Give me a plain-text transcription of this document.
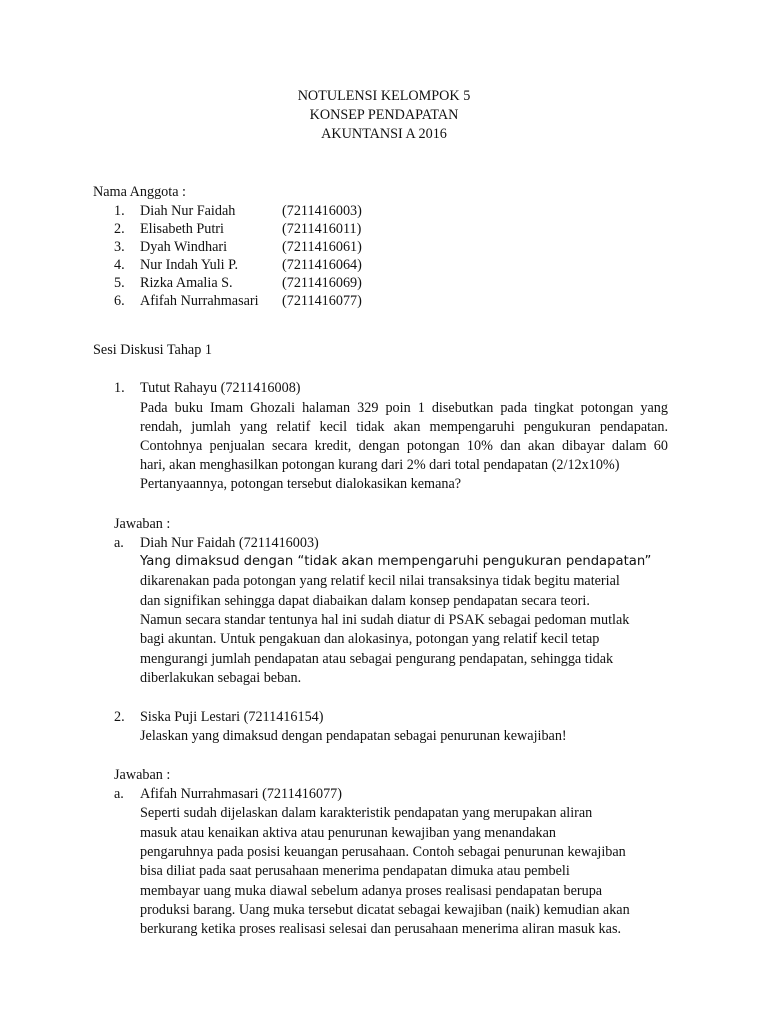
NOTULENSI KELOMPOK 5
KONSEP PENDAPATAN
AKUNTANSI A 2016
Nama Anggota :
1. Diah Nur Faidah	(7211416003)
2. Elisabeth Putri	(7211416011)
3. Dyah Windhari	(7211416061)
4. Nur Indah Yuli P.	(7211416064)
5. Rizka Amalia S.	(7211416069)
6. Afifah Nurrahmasari (7211416077)
Sesi Diskusi Tahap 1
1. Tutut Rahayu (7211416008)
Pada buku Imam Ghozali halaman 329 poin 1 disebutkan pada tingkat potongan yang
rendah, jumlah yang relatif kecil tidak akan mempengaruhi pengukuran pendapatan.
Contohnya penjualan secara kredit, dengan potongan 10% dan akan dibayar dalam 60
hari, akan menghasilkan potongan kurang dari 2% dari total pendapatan (2/12x10%)
Pertanyaannya, potongan tersebut dialokasikan kemana?
Jawaban :
a. Diah Nur Faidah (7211416003)
Yang dimaksud dengan “tidak akan mempengaruhi pengukuran pendapatan”
dikarenakan pada potongan yang relatif kecil nilai transaksinya tidak begitu material
dan signifikan sehingga dapat diabaikan dalam konsep pendapatan secara teori.
Namun secara standar tentunya hal ini sudah diatur di PSAK sebagai pedoman mutlak
bagi akuntan. Untuk pengakuan dan alokasinya, potongan yang relatif kecil tetap
mengurangi jumlah pendapatan atau sebagai pengurang pendapatan, sehingga tidak
diberlakukan sebagai beban.
2. Siska Puji Lestari (7211416154)
Jelaskan yang dimaksud dengan pendapatan sebagai penurunan kewajiban!
Jawaban :
a. Afifah Nurrahmasari (7211416077)
Seperti sudah dijelaskan dalam karakteristik pendapatan yang merupakan aliran
masuk atau kenaikan aktiva atau penurunan kewajiban yang menandakan
pengaruhnya pada posisi keuangan perusahaan. Contoh sebagai penurunan kewajiban
bisa diliat pada saat perusahaan menerima pendapatan dimuka atau pembeli
membayar uang muka diawal sebelum adanya proses realisasi pendapatan berupa
produksi barang. Uang muka tersebut dicatat sebagai kewajiban (naik) kemudian akan
berkurang ketika proses realisasi selesai dan perusahaan menerima aliran masuk kas.
